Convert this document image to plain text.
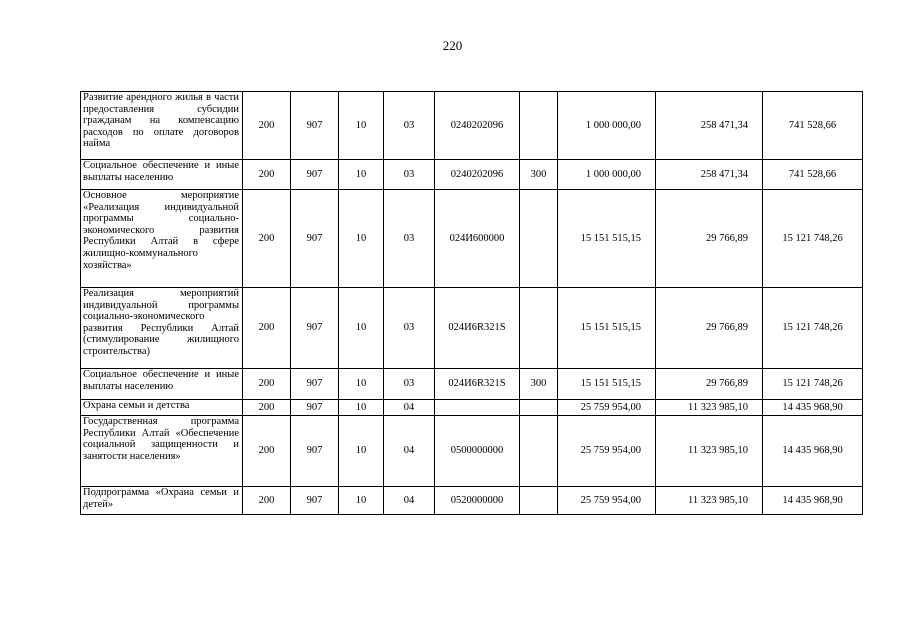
220
Развитие арендного жилья в части предоставления субсидии гражданам на компенсацию расходов по оплате договоров найма	200	907	10	03	0240202096		1 000 000,00	258 471,34	741 528,66
Социальное обеспечение и иные выплаты населению	200	907	10	03	0240202096	300	1 000 000,00	258 471,34	741 528,66
Основное мероприятие «Реализация индивидуальной программы социально-экономического развития Республики Алтай в сфере жилищно-коммунального хозяйства»	200	907	10	03	024И600000		15 151 515,15	29 766,89	15 121 748,26
Реализация мероприятий индивидуальной программы социально-экономического развития Республики Алтай (стимулирование жилищного строительства)	200	907	10	03	024И6R321S		15 151 515,15	29 766,89	15 121 748,26
Социальное обеспечение и иные выплаты населению	200	907	10	03	024И6R321S	300	15 151 515,15	29 766,89	15 121 748,26
Охрана семьи и детства	200	907	10	04			25 759 954,00	11 323 985,10	14 435 968,90
Государственная программа Республики Алтай «Обеспечение социальной защищенности и занятости населения»	200	907	10	04	0500000000		25 759 954,00	11 323 985,10	14 435 968,90
Подпрограмма «Охрана семьи и детей»	200	907	10	04	0520000000		25 759 954,00	11 323 985,10	14 435 968,90
